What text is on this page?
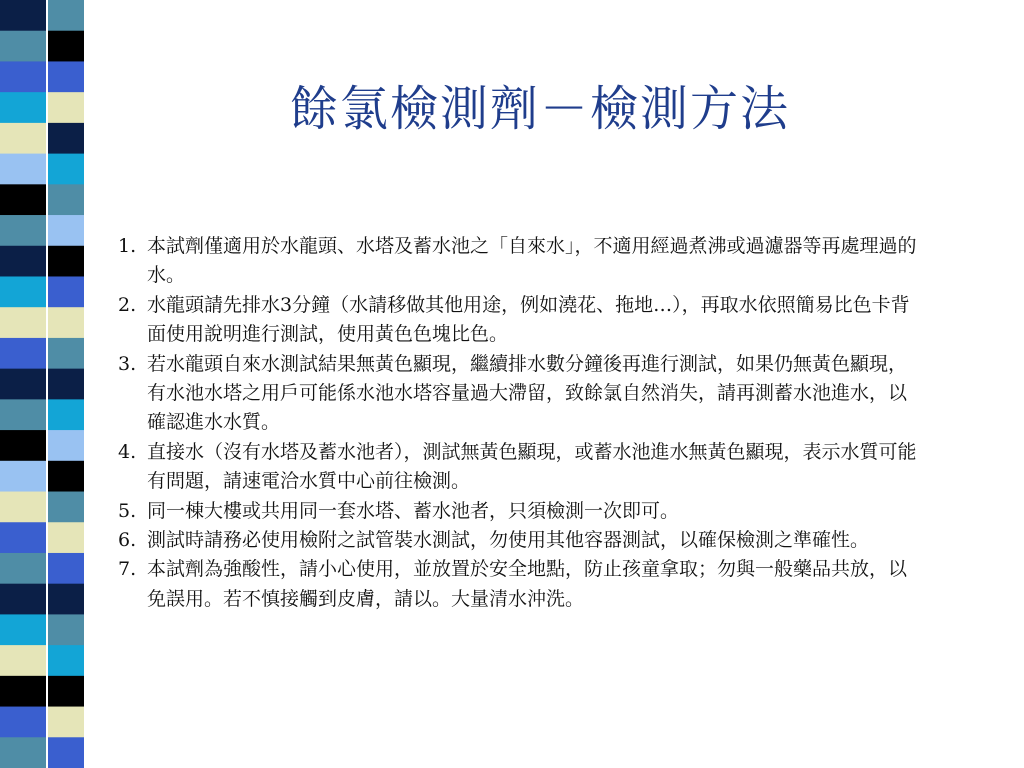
餘氯檢測劑－檢測方法
1. 本試劑僅適用於水龍頭、水塔及蓄水池之「自來水」，不適用經過煮沸或過濾器等再處理過的水。
2. 水龍頭請先排水3分鐘（水請移做其他用途，例如澆花、拖地…），再取水依照簡易比色卡背面使用說明進行測試，使用黃色色塊比色。
3. 若水龍頭自來水測試結果無黃色顯現，繼續排水數分鐘後再進行測試，如果仍無黃色顯現，有水池水塔之用戶可能係水池水塔容量過大滯留，致餘氯自然消失，請再測蓄水池進水，以確認進水水質。
4. 直接水（沒有水塔及蓄水池者），測試無黃色顯現，或蓄水池進水無黃色顯現，表示水質可能有問題，請速電洽水質中心前往檢測。
5. 同一棟大樓或共用同一套水塔、蓄水池者，只須檢測一次即可。
6. 測試時請務必使用檢附之試管裝水測試，勿使用其他容器測試，以確保檢測之準確性。
7. 本試劑為強酸性，請小心使用，並放置於安全地點，防止孩童拿取；勿與一般藥品共放，以免誤用。若不慎接觸到皮膚，請以。大量清水沖洗。
